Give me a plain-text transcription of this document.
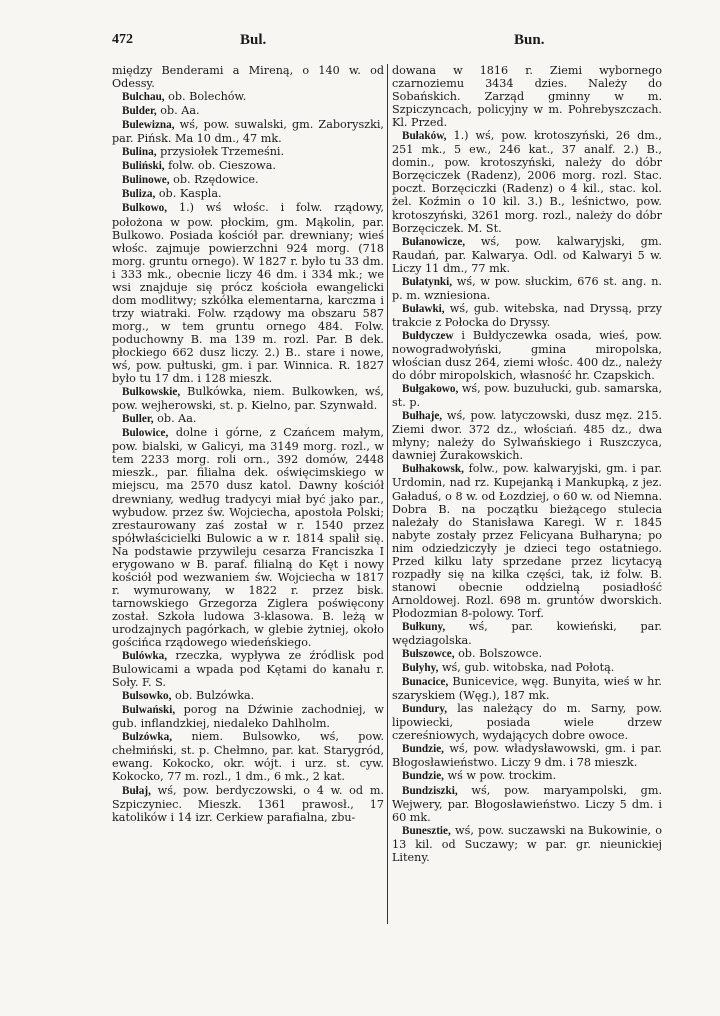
472	Bul.	Bun.

między Benderami a Mireną, o 140 w. od Odessy.

Bulchau, ob. Bolechów.

Bulder, ob. Aa.

Bulewizna, wś, pow. suwalski, gm. Zaboryszki, par. Pińsk. Ma 10 dm., 47 mk.

Bulina, przysiołek Trzemeśni.

Buliński, folw. ob. Cieszowa.

Bulinowe, ob. Rzędowice.

Buliza, ob. Kaspla.

Bulkowo, 1.) wś włośc. i folw. rządowy, położona w pow. płockim, gm. Mąkolin, par. Bulkowo. Posiada kościół par. drewniany; wieś włośc. zajmuje powierzchni 924 morg. (718 morg. gruntu ornego). W 1827 r. było tu 33 dm. i 333 mk., obecnie liczy 46 dm. i 334 mk.; we wsi znajduje się prócz kościoła ewangelicki dom modlitwy; szkółka elementarna, karczma i trzy wiatraki. Folw. rządowy ma obszaru 587 morg., w tem gruntu ornego 484. Folw. poduchowny B. ma 139 m. rozl. Par. B dek. płockiego 662 dusz liczy. 2.) B.. stare i nowe, wś, pow. pułtuski, gm. i par. Winnica. R. 1827 było tu 17 dm. i 128 mieszk.

Bulkowskie, Bulkówka, niem. Bulkowken, wś, pow. wejherowski, st. p. Kielno, par. Szynwałd.

Buller, ob. Aa.

Bulowice, dolne i górne, z Czańcem małym, pow. bialski, w Galicyi, ma 3149 morg. rozl., w tem 2233 morg. roli orn., 392 domów, 2448 mieszk., par. filialna dek. oświęcimskiego w miejscu, ma 2570 dusz katol. Dawny kościół drewniany, według tradycyi miał być jako par., wybudow. przez św. Wojciecha, apostoła Polski; zrestaurowany zaś został w r. 1540 przez spółwłaścicielki Bulowic a w r. 1814 spalił się. Na podstawie przywileju cesarza Franciszka I erygowano w B. paraf. filialną do Kęt i nowy kościół pod wezwaniem św. Wojciecha w 1817 r. wymurowany, w 1822 r. przez bisk. tarnowskiego Grzegorza Ziglera poświęcony został. Szkoła ludowa 3-klasowa. B. leżą w urodzajnych pagórkach, w glebie żytniej, około gościńca rządowego wiedeńskiego.

Bulówka, rzeczka, wypływa ze źródlisk pod Bulowicami a wpada pod Kętami do kanału r. Soły. F. S.

Bulsowko, ob. Bulzówka.

Bulwański, porog na Dźwinie zachodniej, w gub. inflandzkiej, niedaleko Dahlholm.

Bulzówka, niem. Bulsowko, wś, pow. chełmiński, st. p. Chełmno, par. kat. Starygród, ewang. Kokocko, okr. wójt. i urz. st. cyw. Kokocko, 77 m. rozl., 1 dm., 6 mk., 2 kat.

Bułaj, wś, pow. berdyczowski, o 4 w. od m. Szpiczyniec. Mieszk. 1361 prawosł., 17 katolików i 14 izr. Cerkiew parafialna, zbu-

dowana w 1816 r. Ziemi wybornego czarnoziemu 3434 dzies. Należy do Sobańskich. Zarząd gminny w m. Szpiczyncach, policyjny w m. Pohrebyszczach. Kl. Przed.

Bułaków, 1.) wś, pow. krotoszyński, 26 dm., 251 mk., 5 ew., 246 kat., 37 analf. 2.) B., domin., pow. krotoszyński, należy do dóbr Borzęciczek (Radenz), 2006 morg. rozl. Stac. poczt. Borzęciczki (Radenz) o 4 kil., stac. kol. żel. Koźmin o 10 kil. 3.) B., leśnictwo, pow. krotoszyński, 3261 morg. rozl., należy do dóbr Borzęciczek. M. St.

Bułanowicze, wś, pow. kalwaryjski, gm. Raudań, par. Kalwarya. Odl. od Kalwaryi 5 w. Liczy 11 dm., 77 mk.

Bułatynki, wś, w pow. słuckim, 676 st. ang. n. p. m. wzniesiona.

Buławki, wś, gub. witebska, nad Dryssą, przy trakcie z Połocka do Dryssy.

Bułdyczew i Bułdyczewka osada, wieś, pow. nowogradwołyński, gmina miropolska, włościan dusz 264, ziemi włośc. 400 dz., należy do dóbr miropolskich, własność hr. Czapskich.

Bułgakowo, wś, pow. buzułucki, gub. samarska, st. p.

Bułhaje, wś, pow. latyczowski, dusz męz. 215. Ziemi dwor. 372 dz., włościań. 485 dz., dwa młyny; należy do Sylwańskiego i Ruszczyca, dawniej Żurakowskich.

Bułhakowsk, folw., pow. kalwaryjski, gm. i par. Urdomin, nad rz. Kupejanką i Mankupką, z jez. Gaładuś, o 8 w. od Łozdziej, o 60 w. od Niemna. Dobra B. na początku bieżącego stulecia należały do Stanisława Karegi. W r. 1845 nabyte zostały przez Felicyana Bułharyna; po nim odziedziczyły je dzieci tego ostatniego. Przed kilku laty sprzedane przez licytacyą rozpadły się na kilka części, tak, iż folw. B. stanowi obecnie oddzielną posiadłość Arnoldowej. Rozl. 698 m. gruntów dworskich. Płodozmian 8-polowy. Torf.

Bułkuny, wś, par. kowieński, par. wędziagolska.

Bułszowce, ob. Bolszowce.

Bułyhy, wś, gub. witobska, nad Połotą.

Bunacice, Bunicevice, węg. Bunyita, wieś w hr. szaryskiem (Węg.), 187 mk.

Bundury, las należący do m. Sarny, pow. lipowiecki, posiada wiele drzew czereśniowych, wydających dobre owoce.

Bundzie, wś, pow. władysławowski, gm. i par. Błogosławieństwo. Liczy 9 dm. i 78 mieszk.

Bundzie, wś w pow. trockim.

Bundziszki, wś, pow. maryampolski, gm. Wejwery, par. Błogosławieństwo. Liczy 5 dm. i 60 mk.

Bunesztie, wś, pow. suczawski na Bukowinie, o 13 kil. od Suczawy; w par. gr. nieunickiej Liteny.
